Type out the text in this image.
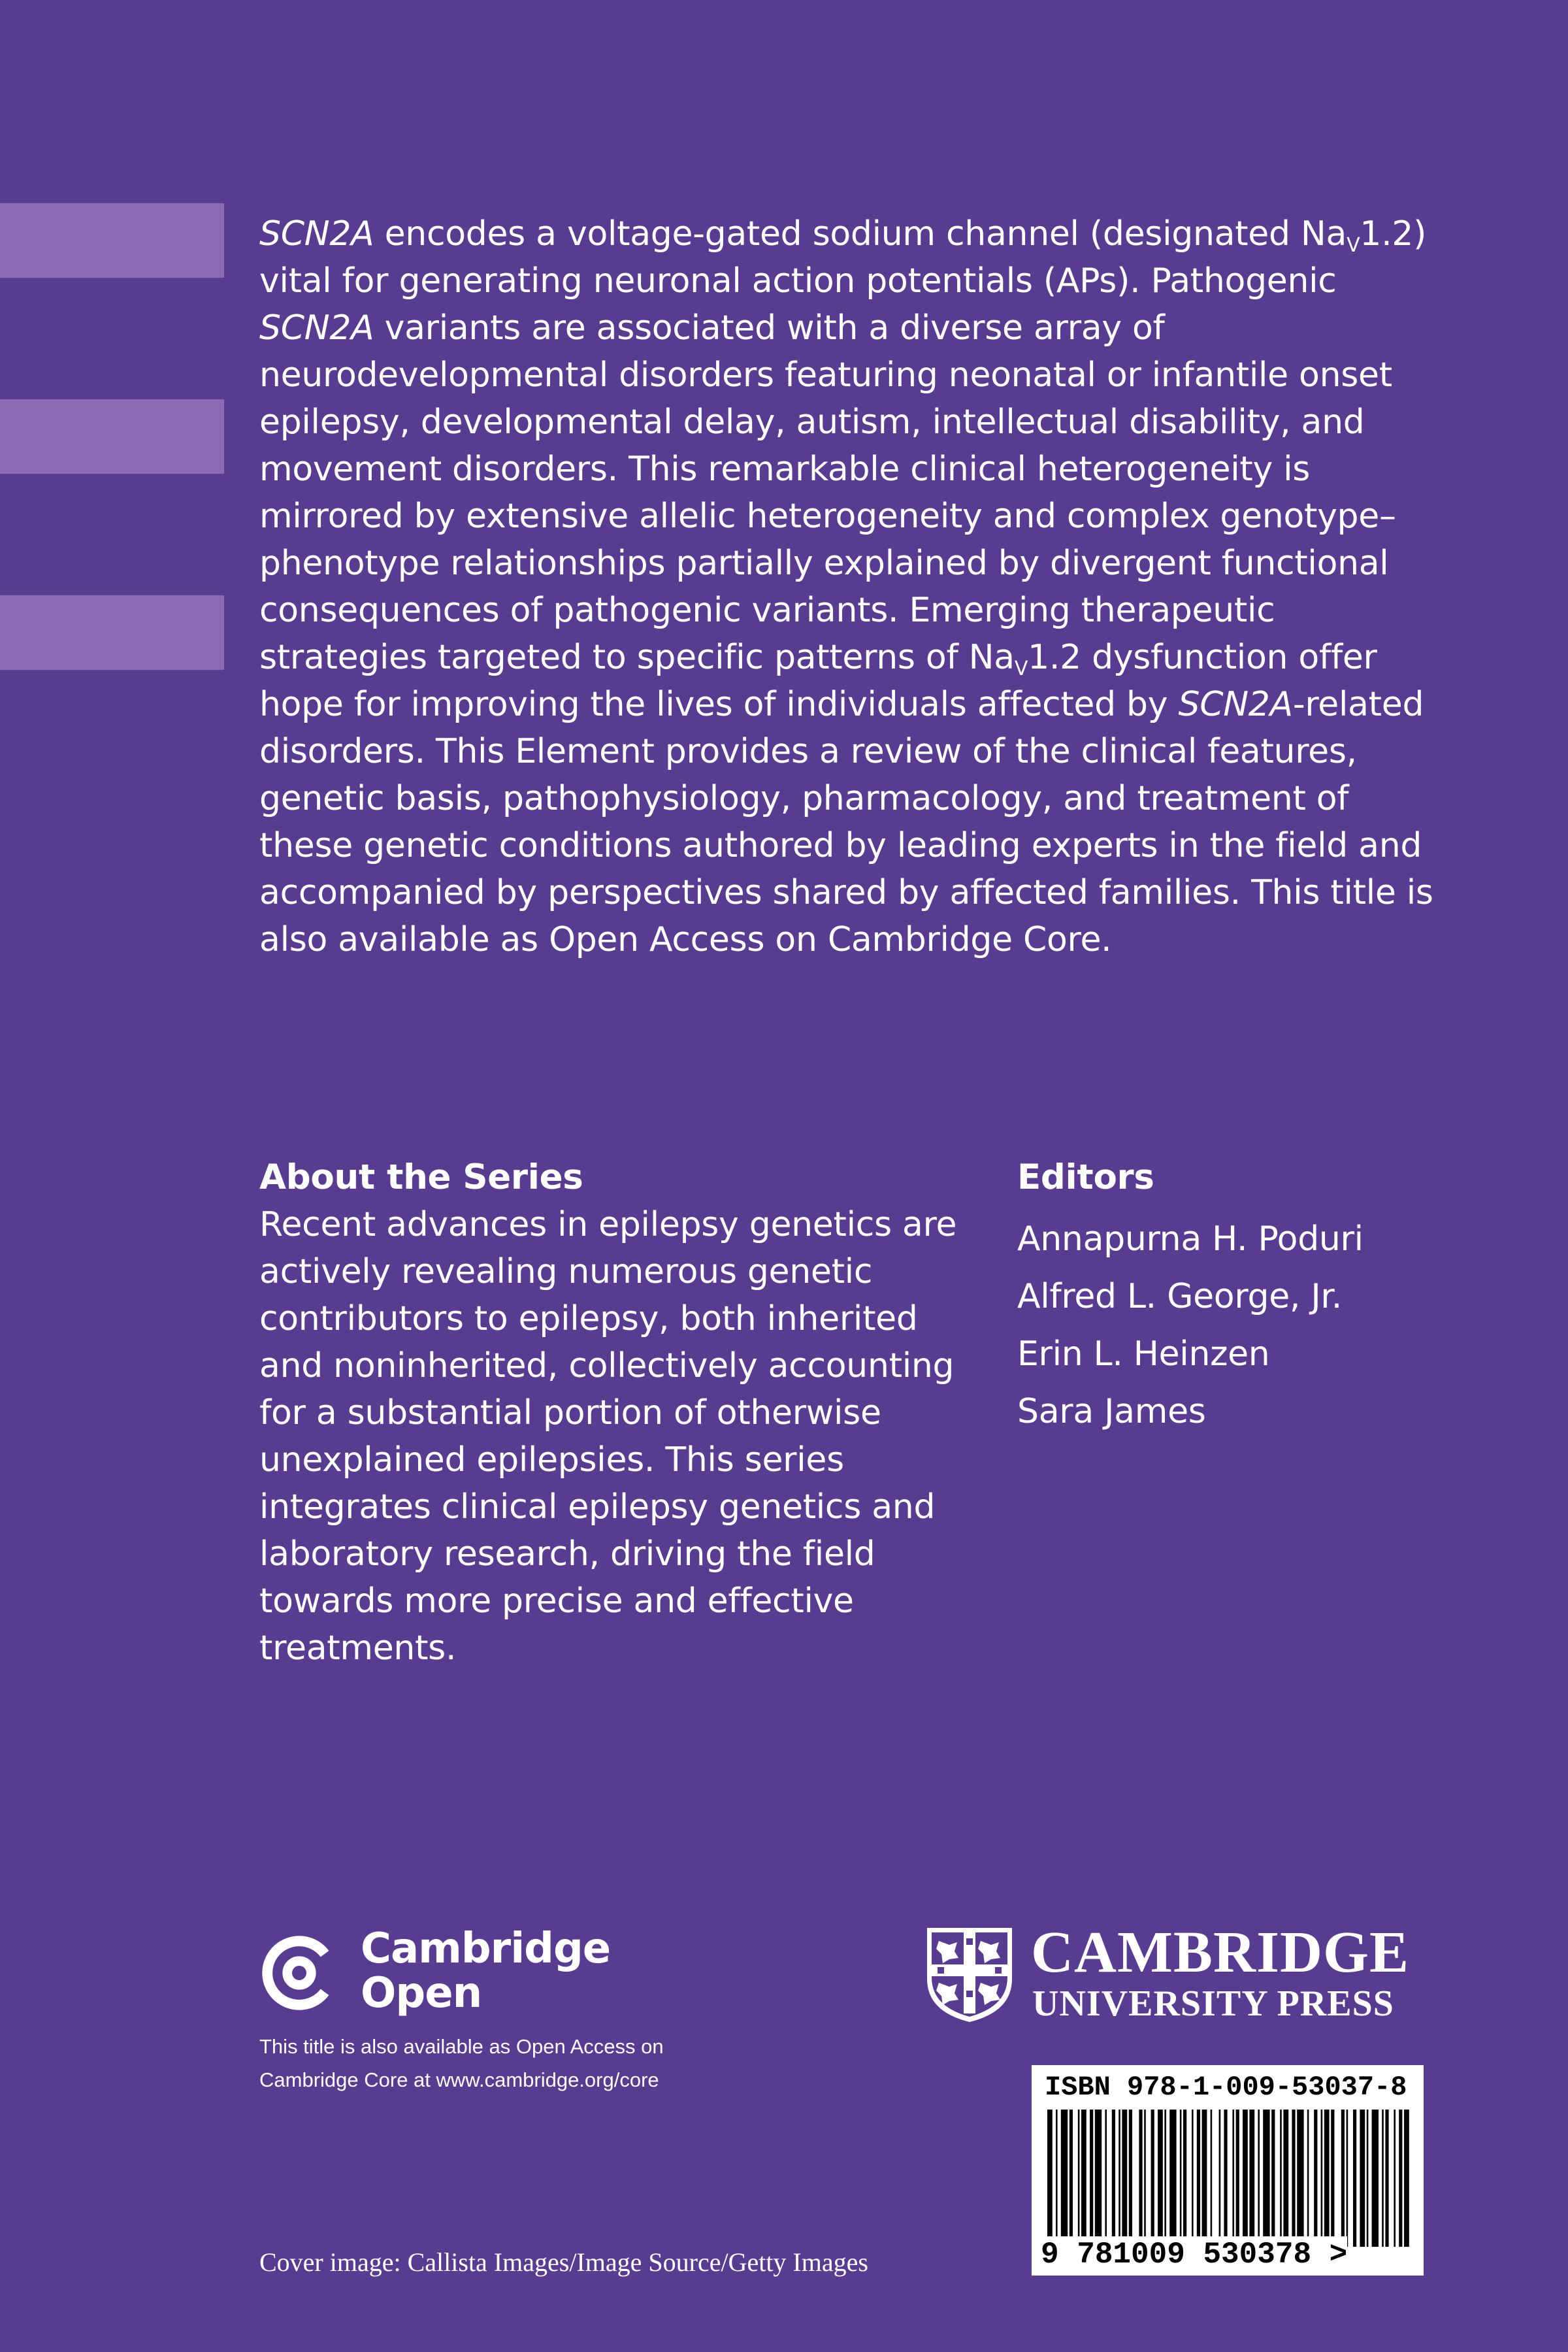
SCN2A encodes a voltage-gated sodium channel (designated $Na_V1.2$) vital for generating neuronal action potentials (APs). Pathogenic SCN2A variants are associated with a diverse array of neurodevelopmental disorders featuring neonatal or infantile onset epilepsy, developmental delay, autism, intellectual disability, and movement disorders. This remarkable clinical heterogeneity is mirrored by extensive allelic heterogeneity and complex genotype–phenotype relationships partially explained by divergent functional consequences of pathogenic variants. Emerging therapeutic strategies targeted to specific patterns of $Na_V1.2$ dysfunction offer hope for improving the lives of individuals affected by SCN2A-related disorders. This Element provides a review of the clinical features, genetic basis, pathophysiology, pharmacology, and treatment of these genetic conditions authored by leading experts in the field and accompanied by perspectives shared by affected families. This title is also available as Open Access on Cambridge Core.

About the Series

Recent advances in epilepsy genetics are actively revealing numerous genetic contributors to epilepsy, both inherited and noninherited, collectively accounting for a substantial portion of otherwise unexplained epilepsies. This series integrates clinical epilepsy genetics and laboratory research, driving the field towards more precise and effective treatments.

Editors

Annapurna H. Poduri
Alfred L. George, Jr.
Erin L. Heinzen
Sara James
Cambridge
Open
This title is also available as Open Access on Cambridge Core at www.cambridge.org/core
CAMBRIDGE
UNIVERSITY PRESS
ISBN 978-1-009-53037-8
9 781009 530378 >
Cover image: Callista Images/Image Source/Getty Images
